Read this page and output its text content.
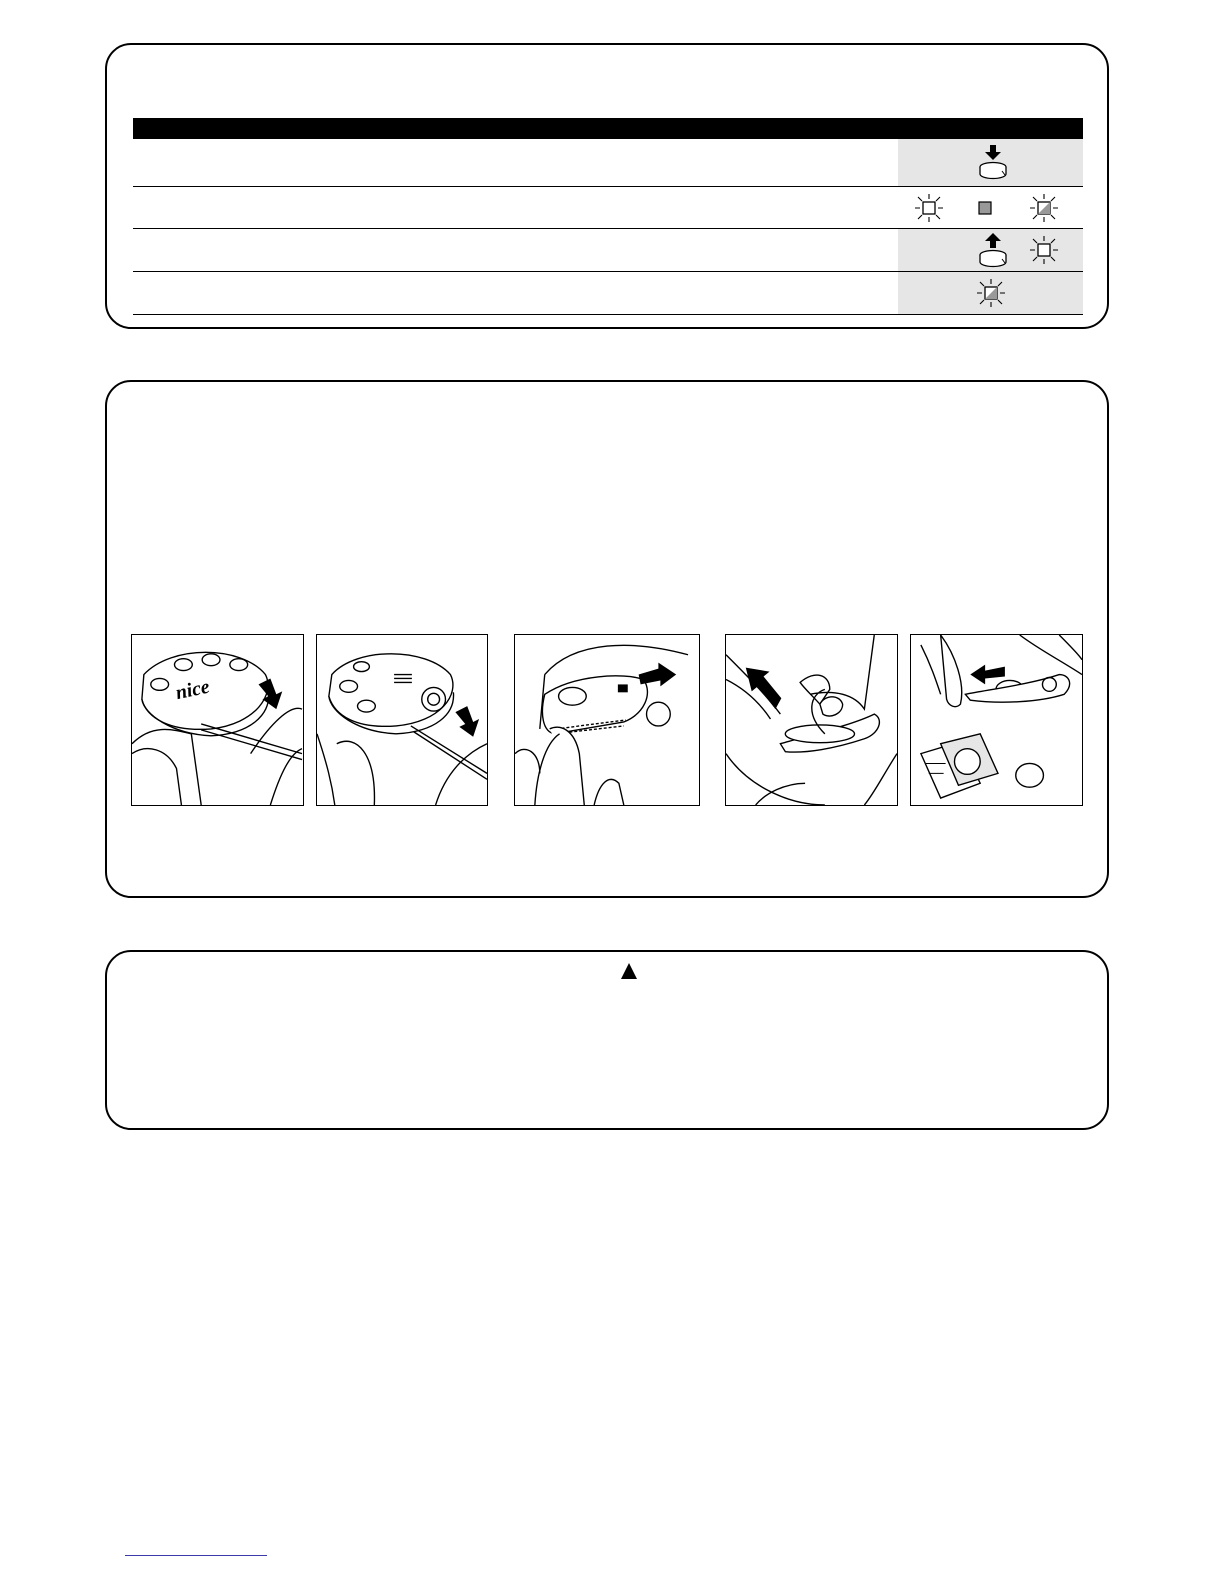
nice
